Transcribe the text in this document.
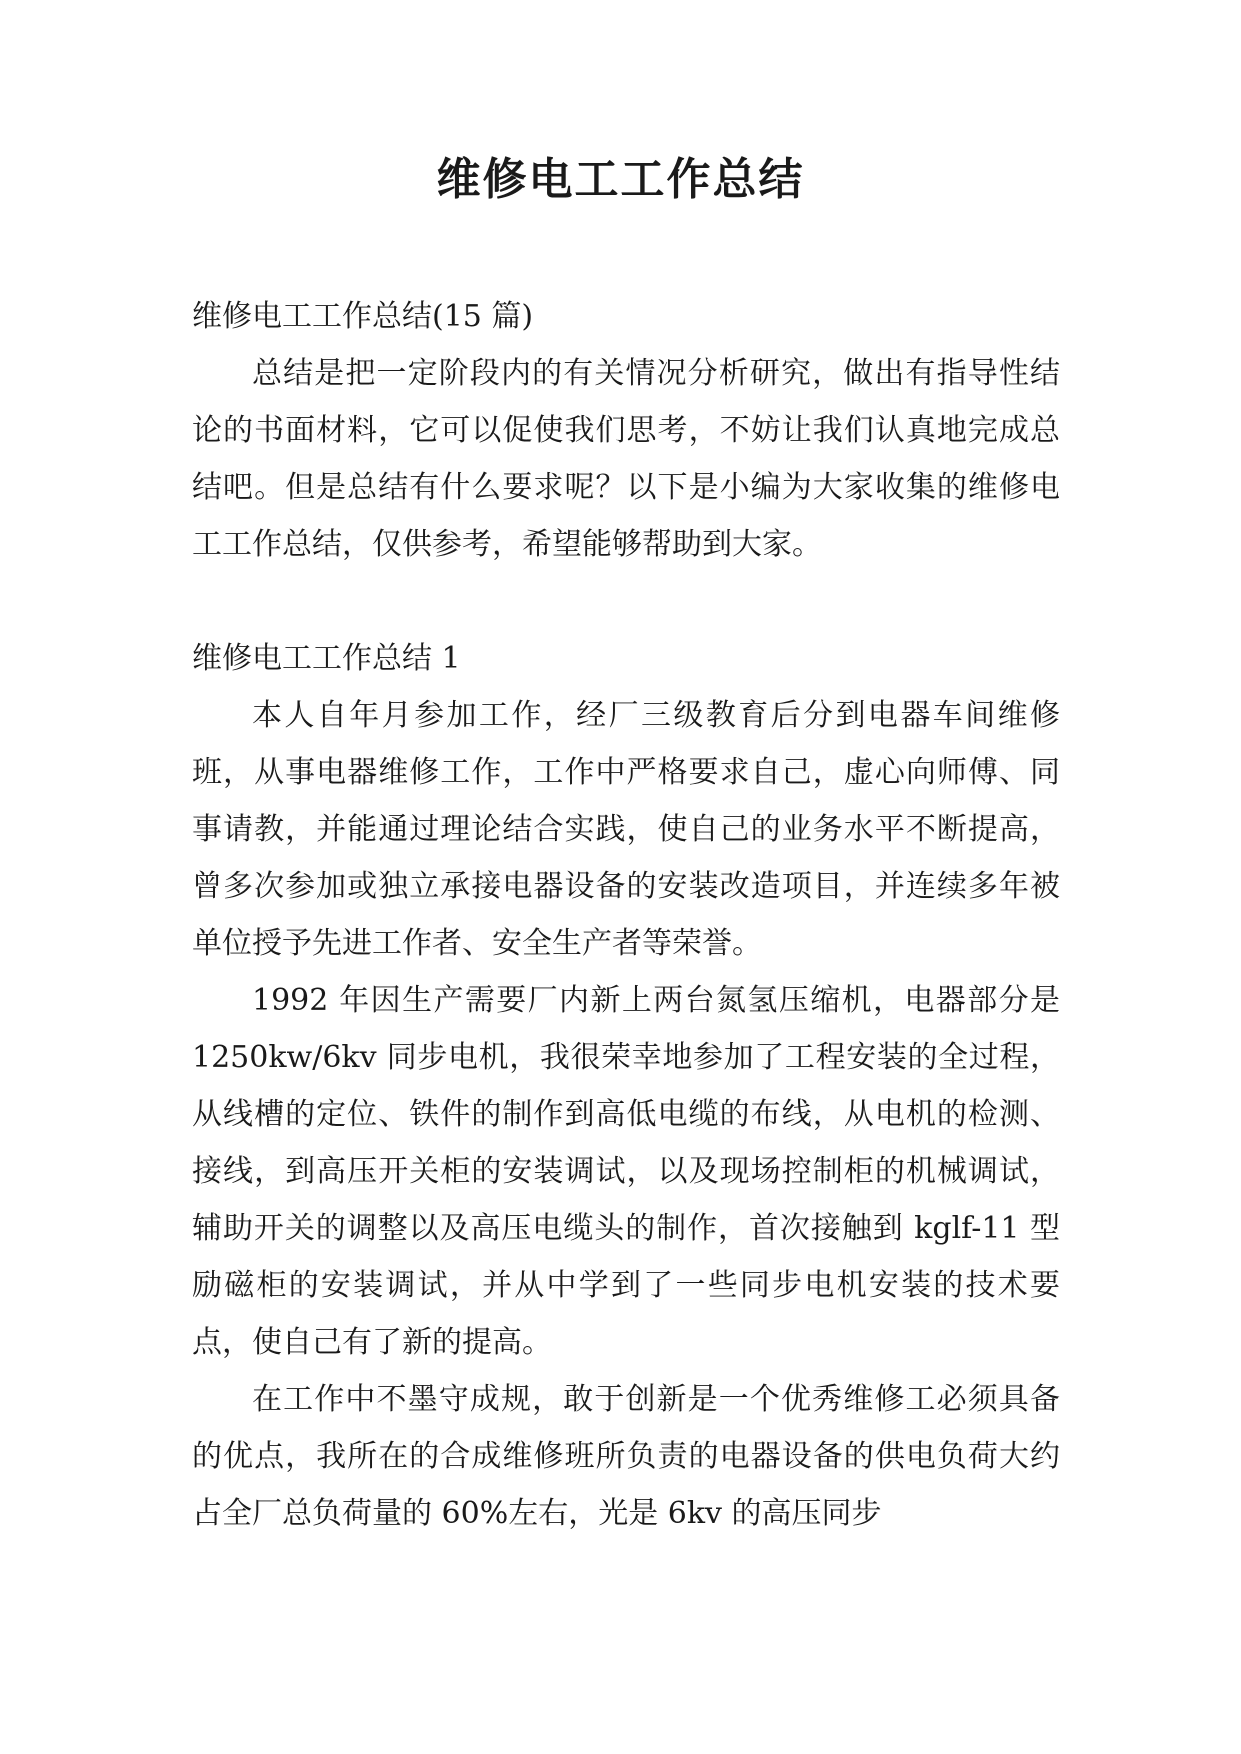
维修电工工作总结

维修电工工作总结(15 篇)

总结是把一定阶段内的有关情况分析研究，做出有指导性结论的书面材料，它可以促使我们思考，不妨让我们认真地完成总结吧。但是总结有什么要求呢？以下是小编为大家收集的维修电工工作总结，仅供参考，希望能够帮助到大家。

维修电工工作总结 1

本人自年月参加工作，经厂三级教育后分到电器车间维修班，从事电器维修工作，工作中严格要求自己，虚心向师傅、同事请教，并能通过理论结合实践，使自己的业务水平不断提高，曾多次参加或独立承接电器设备的安装改造项目，并连续多年被单位授予先进工作者、安全生产者等荣誉。

1992 年因生产需要厂内新上两台氮氢压缩机，电器部分是 1250kw/6kv 同步电机，我很荣幸地参加了工程安装的全过程，从线槽的定位、铁件的制作到高低电缆的布线，从电机的检测、接线，到高压开关柜的安装调试，以及现场控制柜的机械调试，辅助开关的调整以及高压电缆头的制作，首次接触到 kglf-11 型励磁柜的安装调试，并从中学到了一些同步电机安装的技术要点，使自己有了新的提高。

在工作中不墨守成规，敢于创新是一个优秀维修工必须具备的优点，我所在的合成维修班所负责的电器设备的供电负荷大约占全厂总负荷量的 60%左右，光是 6kv 的高压同步
